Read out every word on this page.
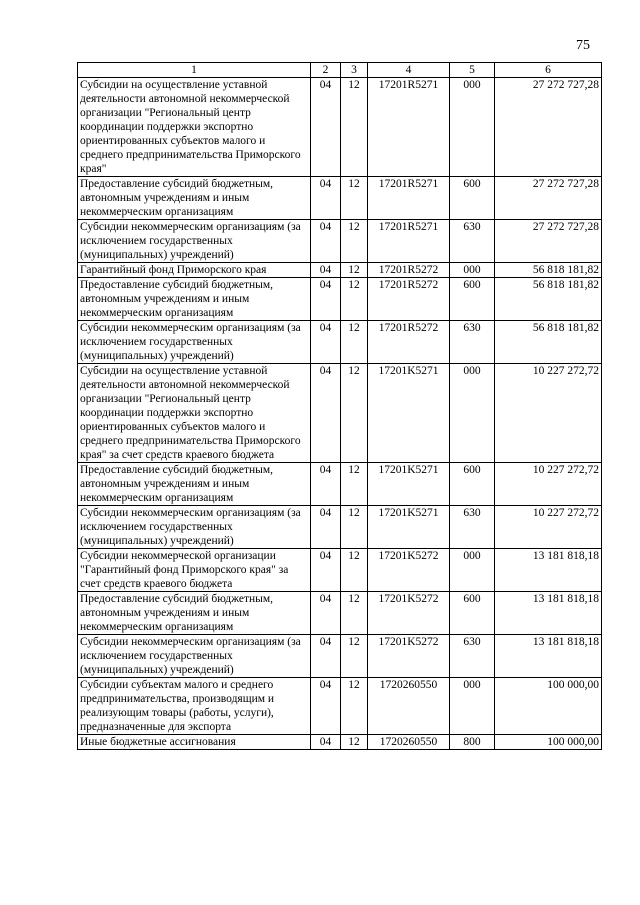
75
1	2	3	4	5	6
Субсидии на осуществление уставной деятельности автономной некоммерческой организации "Региональный центр координации поддержки экспортно ориентированных субъектов малого и среднего предпринимательства Приморского края"	04	12	17201R5271	000	27 272 727,28
Предоставление субсидий бюджетным, автономным учреждениям и иным некоммерческим организациям	04	12	17201R5271	600	27 272 727,28
Субсидии некоммерческим организациям (за исключением государственных (муниципальных) учреждений)	04	12	17201R5271	630	27 272 727,28
Гарантийный фонд Приморского края	04	12	17201R5272	000	56 818 181,82
Предоставление субсидий бюджетным, автономным учреждениям и иным некоммерческим организациям	04	12	17201R5272	600	56 818 181,82
Субсидии некоммерческим организациям (за исключением государственных (муниципальных) учреждений)	04	12	17201R5272	630	56 818 181,82
Субсидии на осуществление уставной деятельности автономной некоммерческой организации "Региональный центр координации поддержки экспортно ориентированных субъектов малого и среднего предпринимательства Приморского края" за счет средств краевого бюджета	04	12	17201K5271	000	10 227 272,72
Предоставление субсидий бюджетным, автономным учреждениям и иным некоммерческим организациям	04	12	17201K5271	600	10 227 272,72
Субсидии некоммерческим организациям (за исключением государственных (муниципальных) учреждений)	04	12	17201K5271	630	10 227 272,72
Субсидии некоммерческой организации "Гарантийный фонд Приморского края" за счет средств краевого бюджета	04	12	17201K5272	000	13 181 818,18
Предоставление субсидий бюджетным, автономным учреждениям и иным некоммерческим организациям	04	12	17201K5272	600	13 181 818,18
Субсидии некоммерческим организациям (за исключением государственных (муниципальных) учреждений)	04	12	17201K5272	630	13 181 818,18
Субсидии субъектам малого и среднего предпринимательства, производящим и реализующим товары (работы, услуги), предназначенные для экспорта	04	12	1720260550	000	100 000,00
Иные бюджетные ассигнования	04	12	1720260550	800	100 000,00
